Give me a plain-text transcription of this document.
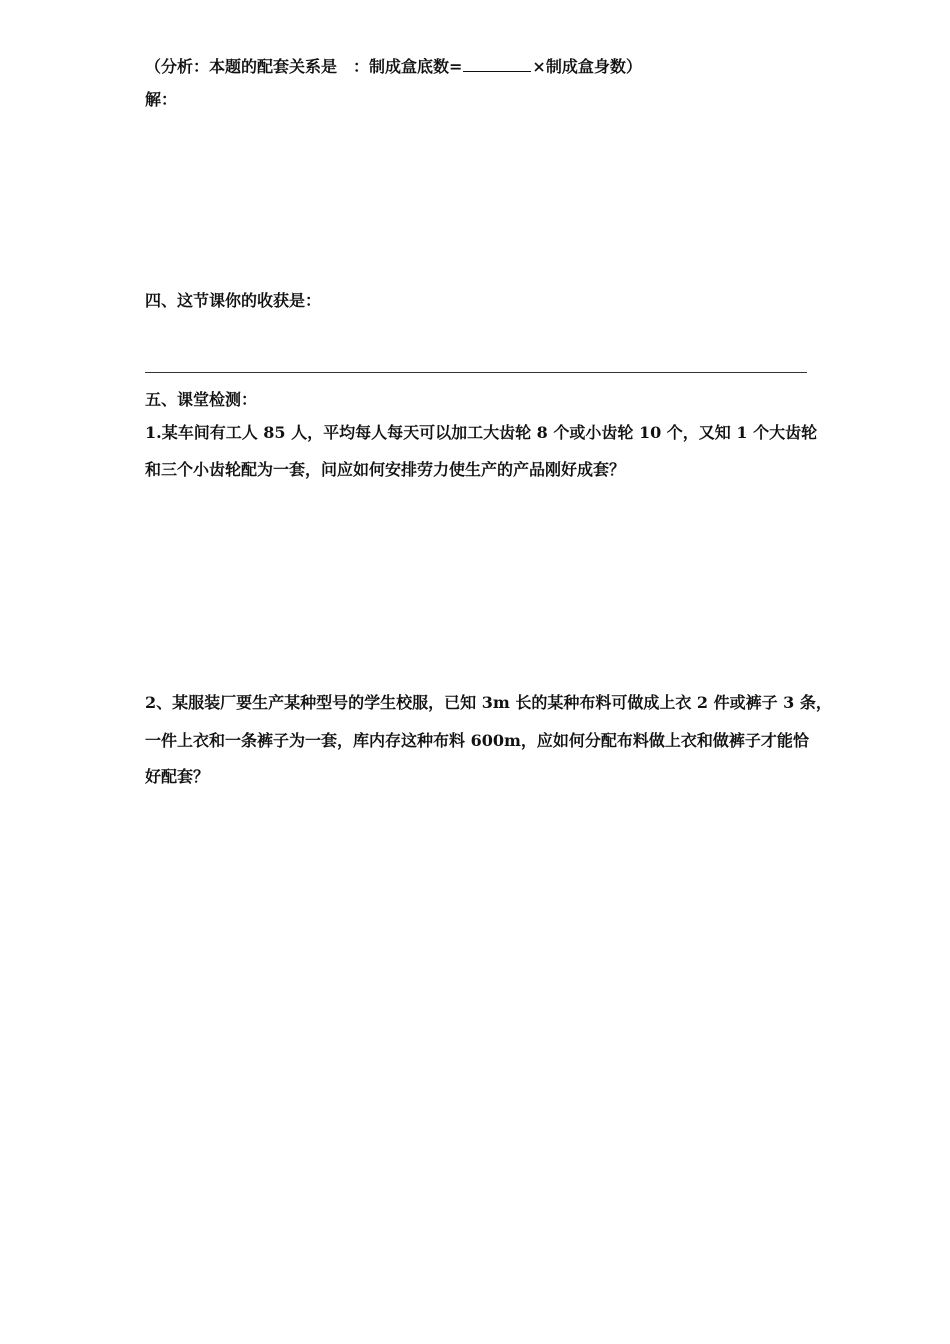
（分析：本题的配套关系是　：制成盒底数=	×制成盒身数）
解：
四、这节课你的收获是：
五、课堂检测：
1.某车间有工人 85 人，平均每人每天可以加工大齿轮 8 个或小齿轮 10 个，又知 1 个大齿轮
和三个小齿轮配为一套，问应如何安排劳力使生产的产品刚好成套？
2、某服装厂要生产某种型号的学生校服，已知 3m 长的某种布料可做成上衣 2 件或裤子 3 条，
一件上衣和一条裤子为一套，库内存这种布料 600m，应如何分配布料做上衣和做裤子才能恰
好配套？
